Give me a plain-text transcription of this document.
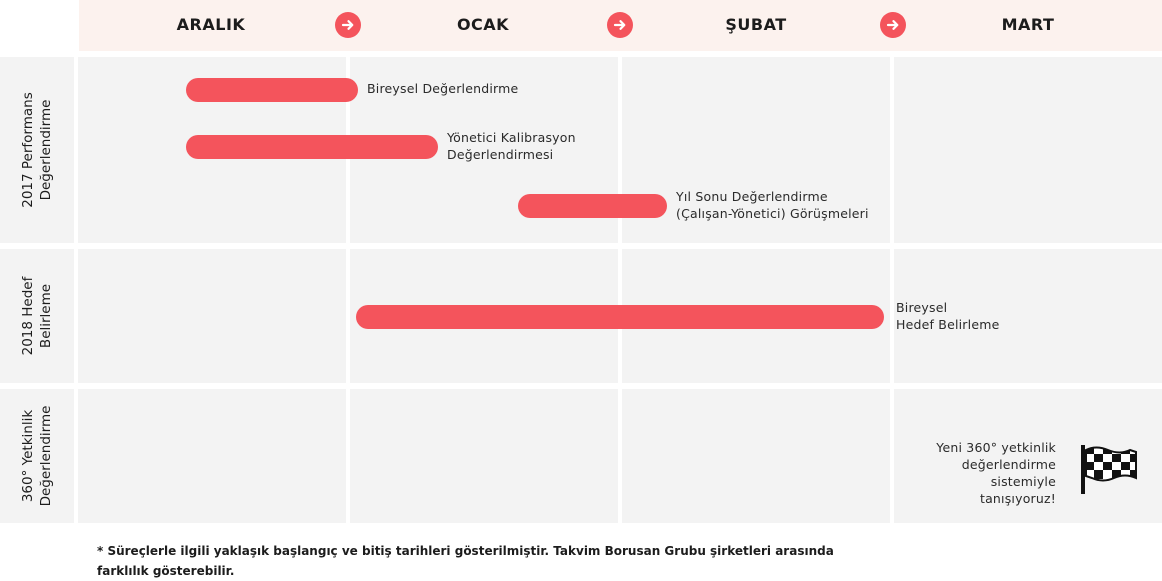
ARALIK	OCAK	ŞUBAT	MART
2017 Performans Değerlendirme
2018 Hedef Belirleme
360° Yetkinlik Değerlendirme
Bireysel Değerlendirme
Yönetici Kalibrasyon
Değerlendirmesi
Yıl Sonu Değerlendirme
(Çalışan-Yönetici) Görüşmeleri
Bireysel
Hedef Belirleme
Yeni 360° yetkinlik
değerlendirme
sistemiyle
tanışıyoruz!
* Süreçlerle ilgili yaklaşık başlangıç ve bitiş tarihleri gösterilmiştir. Takvim Borusan Grubu şirketleri arasında
farklılık gösterebilir.
